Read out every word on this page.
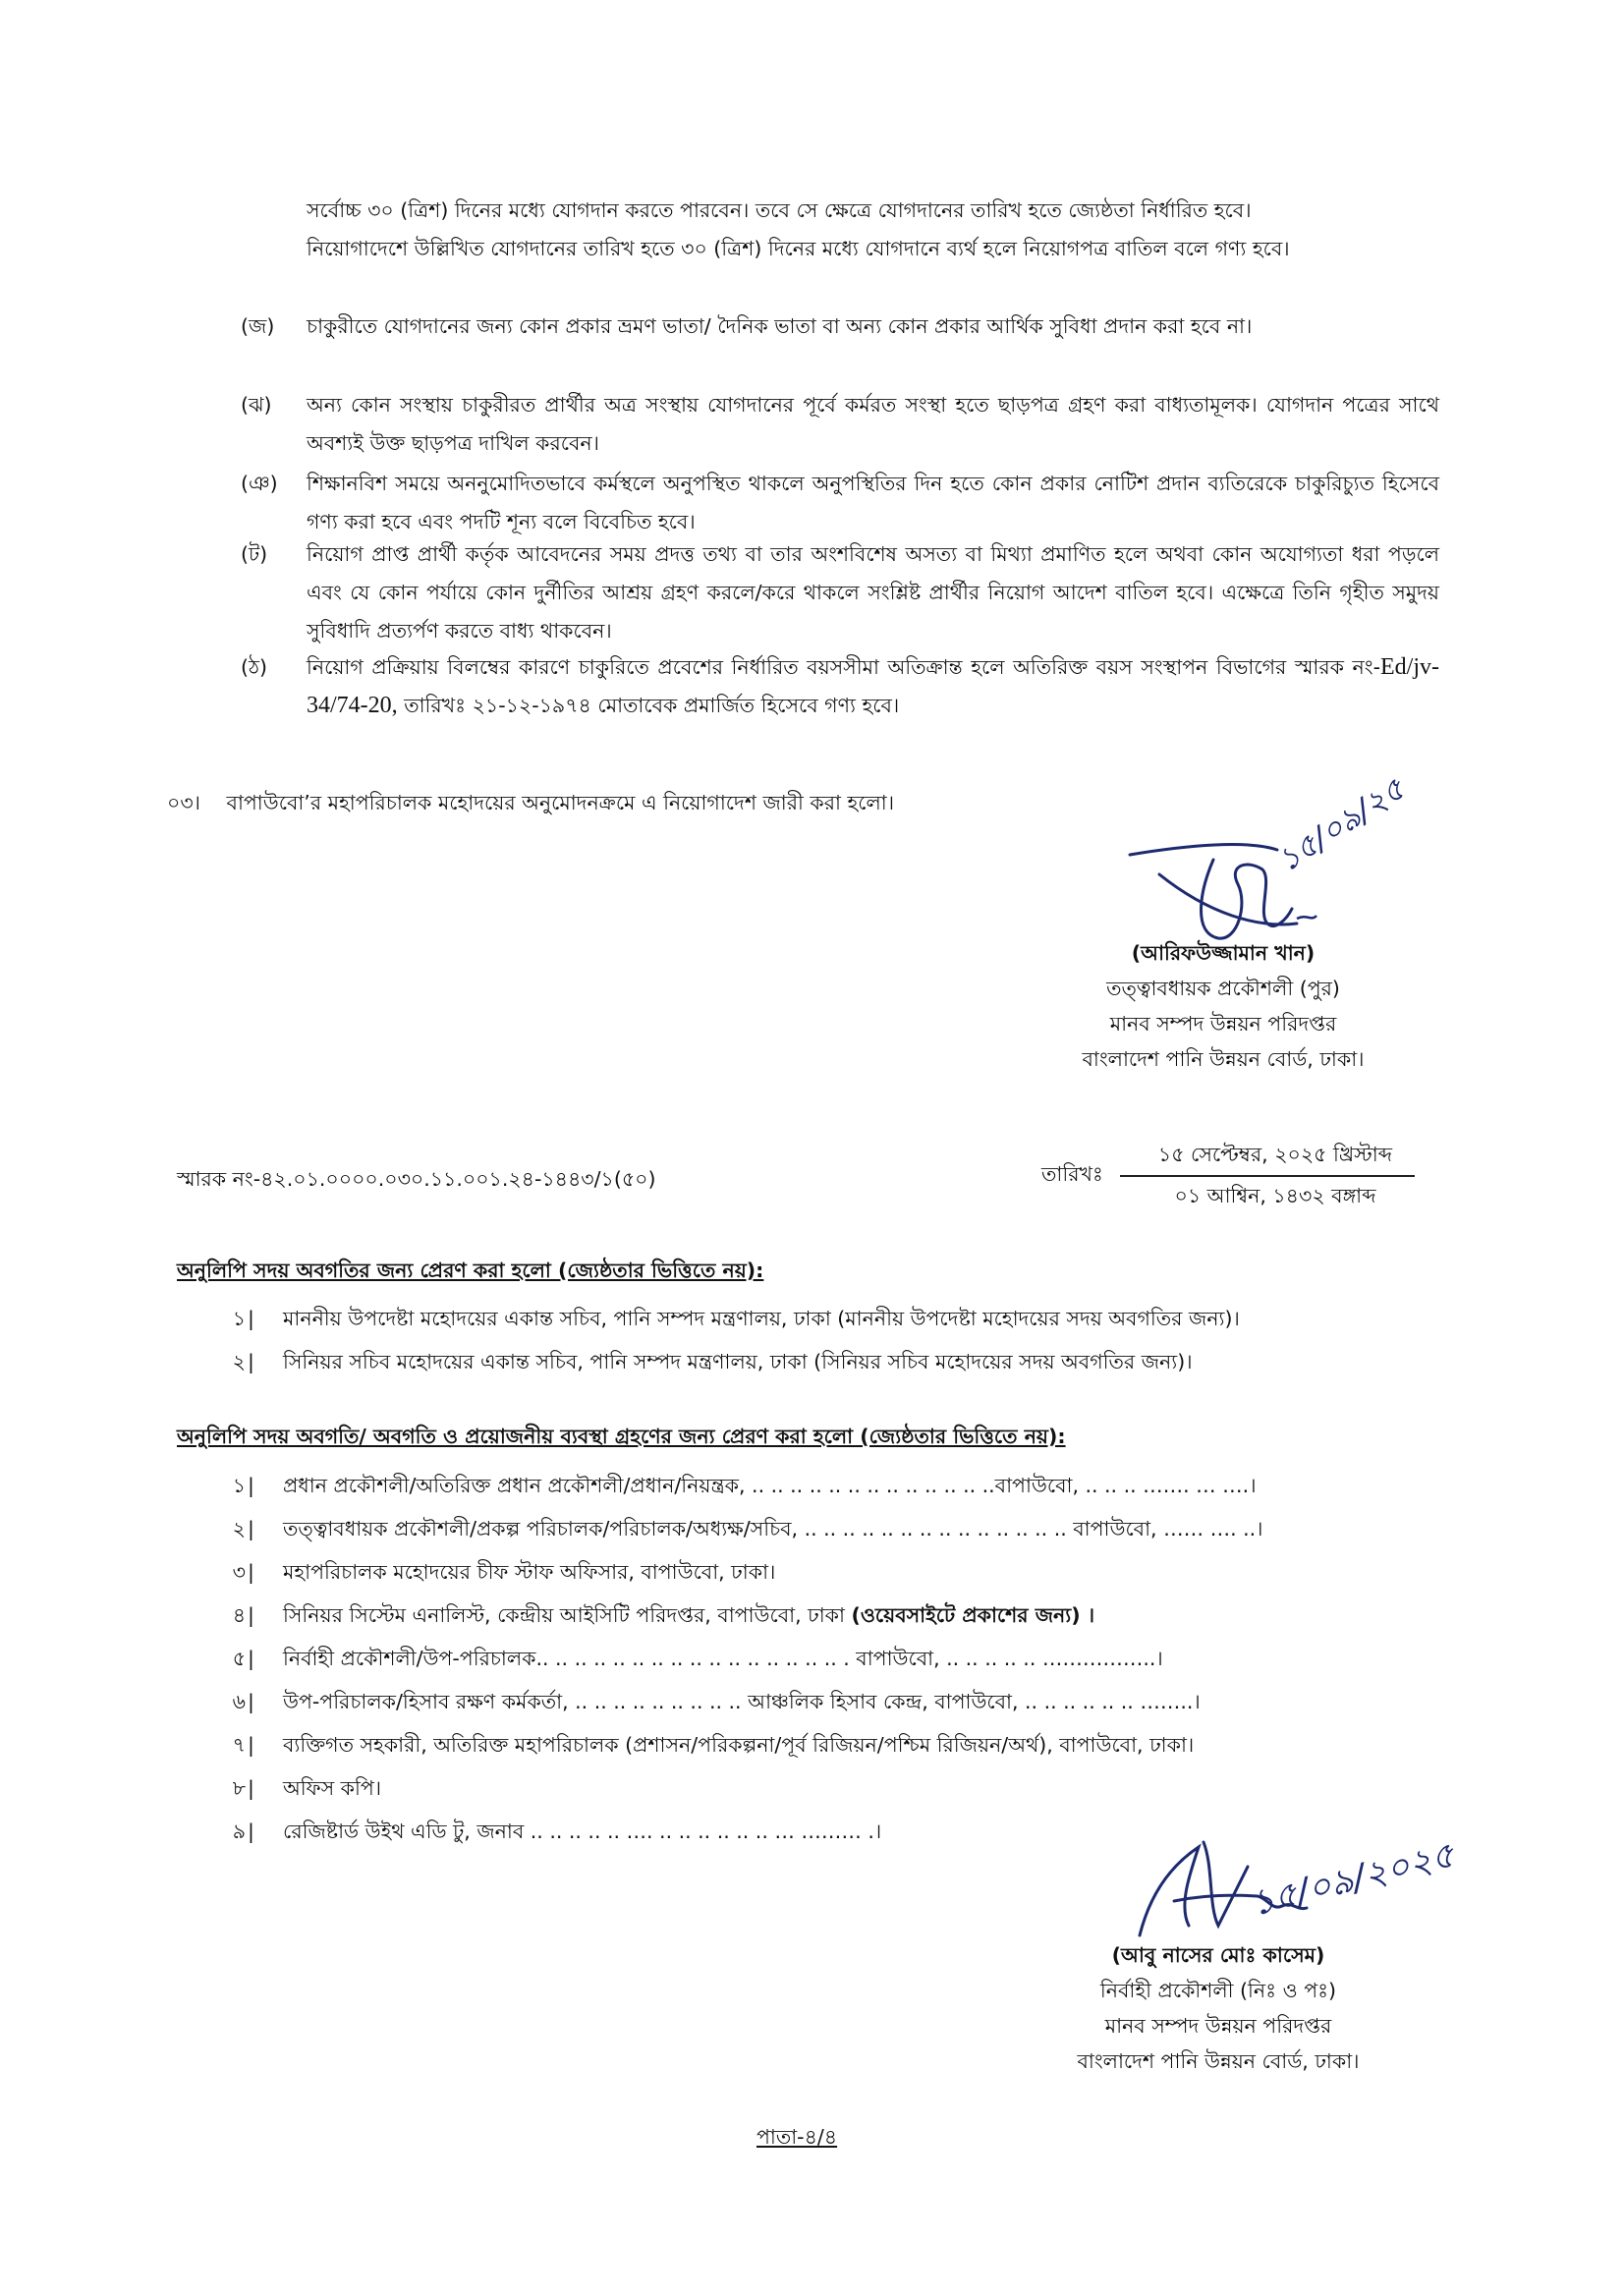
সর্বোচ্চ ৩০ (ত্রিশ) দিনের মধ্যে যোগদান করতে পারবেন। তবে সে ক্ষেত্রে যোগদানের তারিখ হতে জ্যেষ্ঠতা নির্ধারিত হবে।
নিয়োগাদেশে উল্লিখিত যোগদানের তারিখ হতে ৩০ (ত্রিশ) দিনের মধ্যে যোগদানে ব্যর্থ হলে নিয়োগপত্র বাতিল বলে গণ্য হবে।
(জ) চাকুরীতে যোগদানের জন্য কোন প্রকার ভ্রমণ ভাতা/ দৈনিক ভাতা বা অন্য কোন প্রকার আর্থিক সুবিধা প্রদান করা হবে না।
(ঝ) অন্য কোন সংস্থায় চাকুরীরত প্রার্থীর অত্র সংস্থায় যোগদানের পূর্বে কর্মরত সংস্থা হতে ছাড়পত্র গ্রহণ করা বাধ্যতামূলক। যোগদান পত্রের সাথে অবশ্যই উক্ত ছাড়পত্র দাখিল করবেন।
(ঞ) শিক্ষানবিশ সময়ে অননুমোদিতভাবে কর্মস্থলে অনুপস্থিত থাকলে অনুপস্থিতির দিন হতে কোন প্রকার নোটিশ প্রদান ব্যতিরেকে চাকুরিচ্যুত হিসেবে গণ্য করা হবে এবং পদটি শূন্য বলে বিবেচিত হবে।
(ট) নিয়োগ প্রাপ্ত প্রার্থী কর্তৃক আবেদনের সময় প্রদত্ত তথ্য বা তার অংশবিশেষ অসত্য বা মিথ্যা প্রমাণিত হলে অথবা কোন অযোগ্যতা ধরা পড়লে এবং যে কোন পর্যায়ে কোন দুর্নীতির আশ্রয় গ্রহণ করলে/করে থাকলে সংশ্লিষ্ট প্রার্থীর নিয়োগ আদেশ বাতিল হবে। এক্ষেত্রে তিনি গৃহীত সমুদয় সুবিধাদি প্রত্যর্পণ করতে বাধ্য থাকবেন।
(ঠ) নিয়োগ প্রক্রিয়ায় বিলম্বের কারণে চাকুরিতে প্রবেশের নির্ধারিত বয়সসীমা অতিক্রান্ত হলে অতিরিক্ত বয়স সংস্থাপন বিভাগের স্মারক নং-Ed/jv-34/74-20, তারিখঃ ২১-১২-১৯৭৪ মোতাবেক প্রমার্জিত হিসেবে গণ্য হবে।
০৩। বাপাউবো’র মহাপরিচালক মহোদয়ের অনুমোদনক্রমে এ নিয়োগাদেশ জারী করা হলো।	১৫/০৯/২৫
(আরিফউজ্জামান খান)
তত্ত্বাবধায়ক প্রকৌশলী (পুর)
মানব সম্পদ উন্নয়ন পরিদপ্তর
বাংলাদেশ পানি উন্নয়ন বোর্ড, ঢাকা।
স্মারক নং-৪২.০১.০০০০.০৩০.১১.০০১.২৪-১৪৪৩/১(৫০)	তারিখঃ
১৫ সেপ্টেম্বর, ২০২৫ খ্রিস্টাব্দ
০১ আশ্বিন, ১৪৩২ বঙ্গাব্দ
অনুলিপি সদয় অবগতির জন্য প্রেরণ করা হলো (জ্যেষ্ঠতার ভিত্তিতে নয়):
১ | মাননীয় উপদেষ্টা মহোদয়ের একান্ত সচিব, পানি সম্পদ মন্ত্রণালয়, ঢাকা (মাননীয় উপদেষ্টা মহোদয়ের সদয় অবগতির জন্য)।
২ | সিনিয়র সচিব মহোদয়ের একান্ত সচিব, পানি সম্পদ মন্ত্রণালয়, ঢাকা (সিনিয়র সচিব মহোদয়ের সদয় অবগতির জন্য)।
অনুলিপি সদয় অবগতি/ অবগতি ও প্রয়োজনীয় ব্যবস্থা গ্রহণের জন্য প্রেরণ করা হলো (জ্যেষ্ঠতার ভিত্তিতে নয়):
১ | প্রধান প্রকৌশলী/অতিরিক্ত প্রধান প্রকৌশলী/প্রধান/নিয়ন্ত্রক, .. .. .. .. .. .. .. .. .. .. .. .. ..বাপাউবো, .. .. .. ……. … ….।
২ | তত্ত্বাবধায়ক প্রকৌশলী/প্রকল্প পরিচালক/পরিচালক/অধ্যক্ষ/সচিব, .. .. .. .. .. .. .. .. .. .. .. .. .. .. বাপাউবো, …… …. ..।
৩ | মহাপরিচালক মহোদয়ের চীফ স্টাফ অফিসার, বাপাউবো, ঢাকা।
৪ | সিনিয়র সিস্টেম এনালিস্ট, কেন্দ্রীয় আইসিটি পরিদপ্তর, বাপাউবো, ঢাকা (ওয়েবসাইটে প্রকাশের জন্য) ।
৫ | নির্বাহী প্রকৌশলী/উপ-পরিচালক.. .. .. .. .. .. .. .. .. .. .. .. .. .. .. .. . বাপাউবো, .. .. .. .. .. ……………..।
৬ | উপ-পরিচালক/হিসাব রক্ষণ কর্মকর্তা, .. .. .. .. .. .. .. .. .. আঞ্চলিক হিসাব কেন্দ্র, বাপাউবো, .. .. .. .. .. .. ……..।
৭ | ব্যক্তিগত সহকারী, অতিরিক্ত মহাপরিচালক (প্রশাসন/পরিকল্পনা/পূর্ব রিজিয়ন/পশ্চিম রিজিয়ন/অর্থ), বাপাউবো, ঢাকা।
৮ | অফিস কপি।
৯ | রেজিষ্টার্ড উইথ এডি টু, জনাব .. .. .. .. .. …. .. .. .. .. .. .. … ……… .।
১৫/০৯/২০২৫
(আবু নাসের মোঃ কাসেম)
নির্বাহী প্রকৌশলী (নিঃ ও পঃ)
মানব সম্পদ উন্নয়ন পরিদপ্তর
বাংলাদেশ পানি উন্নয়ন বোর্ড, ঢাকা।
পাতা-৪/৪
